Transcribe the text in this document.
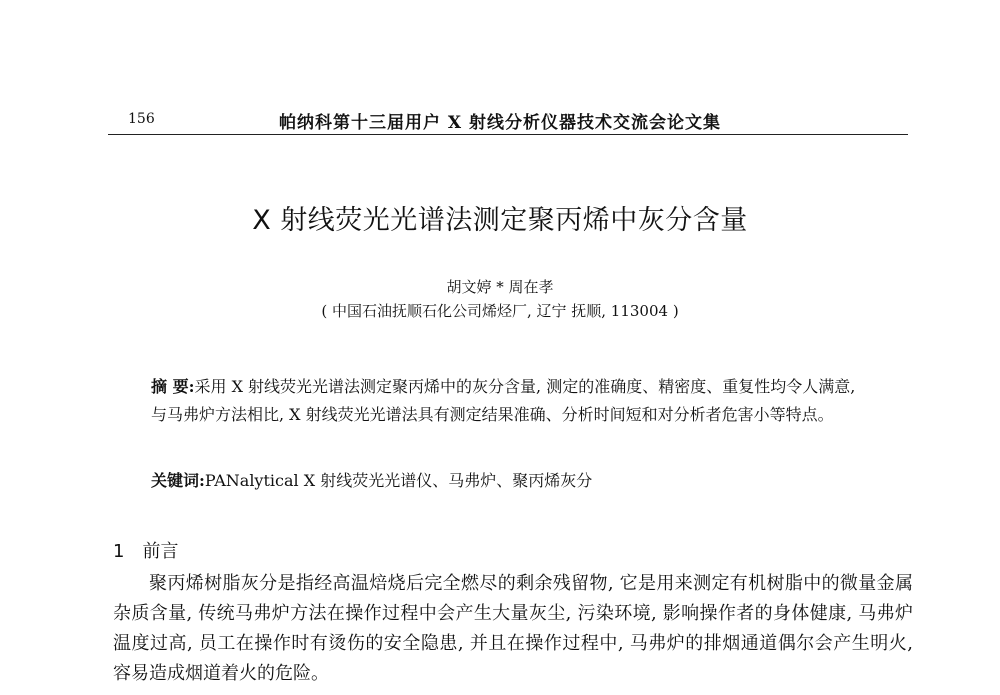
156	帕纳科第十三届用户 X 射线分析仪器技术交流会论文集
X 射线荧光光谱法测定聚丙烯中灰分含量
胡文婷 * 周在孝
( 中国石油抚顺石化公司烯烃厂, 辽宁 抚顺, 113004 )
摘 要:采用 X 射线荧光光谱法测定聚丙烯中的灰分含量, 测定的准确度、精密度、重复性均令人满意, 与马弗炉方法相比, X 射线荧光光谱法具有测定结果准确、分析时间短和对分析者危害小等特点。
关键词:PANalytical X 射线荧光光谱仪、马弗炉、聚丙烯灰分
1 前言
聚丙烯树脂灰分是指经高温焙烧后完全燃尽的剩余残留物, 它是用来测定有机树脂中的微量金属杂质含量, 传统马弗炉方法在操作过程中会产生大量灰尘, 污染环境, 影响操作者的身体健康, 马弗炉温度过高, 员工在操作时有烫伤的安全隐患, 并且在操作过程中, 马弗炉的排烟通道偶尔会产生明火, 容易造成烟道着火的危险。
